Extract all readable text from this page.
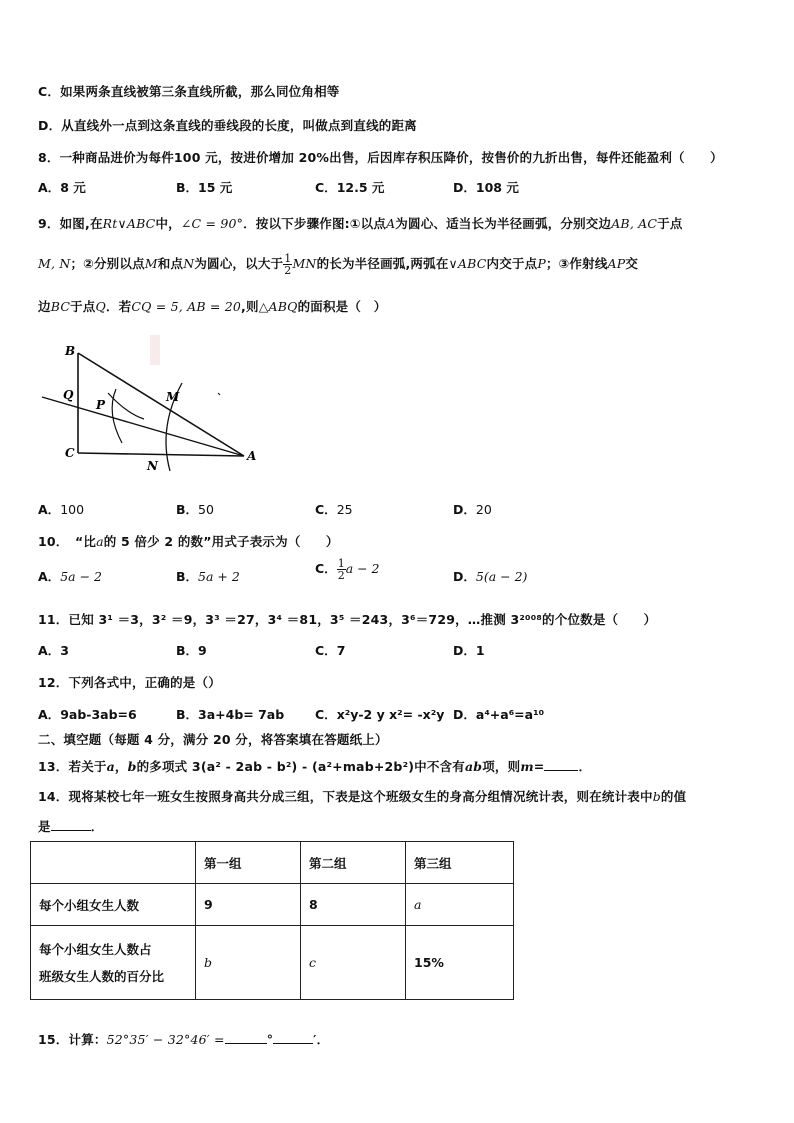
C．如果两条直线被第三条直线所截，那么同位角相等
D．从直线外一点到这条直线的垂线段的长度，叫做点到直线的距离
8．一种商品进价为每件100 元，按进价增加 20%出售，后因库存积压降价，按售价的九折出售，每件还能盈利（　　）
A．8 元	B．15 元	C．12.5 元	D．108 元
9．如图,在Rt∨ABC中，∠C = 90°．按以下步骤作图:①以点A为圆心、适当长为半径画弧，分别交边AB, AC于点
M, N；②分别以点M和点N为圆心，以大于 $\frac{1}{2}$ MN的长为半径画弧,两弧在∨ABC内交于点P；③作射线AP交
边BC于点Q．若CQ = 5, AB = 20,则△ABQ的面积是（　）
B
Q
C
P
M
N
A
A．100	B．50	C．25	D．20
10．　“比a的 5 倍少 2 的数”用式子表示为（　　）
A．5a − 2	B．5a + 2
C． $\frac{1}{2}$ a − 2
D．5(a − 2)
11．已知 3¹ ＝3，3² ＝9，3³ ＝27，3⁴ ＝81，3⁵ ＝243，3⁶＝729，…推测 3²⁰⁰⁸的个位数是（　　）
A．3	B．9	C．7	D．1
12．下列各式中，正确的是（）
A．9ab-3ab=6	B．3a+4b= 7ab C．x²y-2 y x²= -x²y D．a⁴+a⁶=a¹⁰
二、填空题（每题 4 分，满分 20 分，将答案填在答题纸上）
13．若关于a，b的多项式 3(a² - 2ab - b²) - (a²+mab+2b²)中不含有ab项，则m=	．
14．现将某校七年一班女生按照身高共分成三组，下表是这个班级女生的身高分组情况统计表，则在统计表中b的值
是	．
	第一组	第二组	第三组
每个小组女生人数	9	8	a
每个小组女生人数占
班级女生人数的百分比	b	c	15%
15．计算：52°35′ − 32°46′ =	°	′．
